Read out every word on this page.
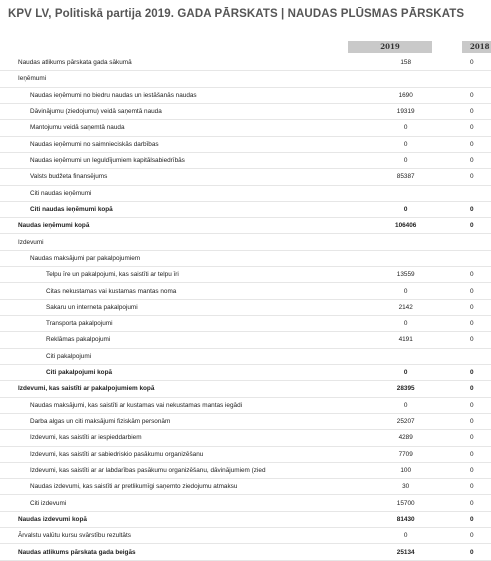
KPV LV, Politiskā partija 2019. GADA PĀRSKATS | NAUDAS PLŪSMAS PĀRSKATS
2019	2018
Naudas atlikums pārskata gada sākumā	158		0
Ieņēmumi			
Naudas ieņēmumi no biedru naudas un iestāšanās naudas	1690		0
Dāvinājumu (ziedojumu) veidā saņemtā nauda	19319		0
Mantojumu veidā saņemtā nauda	0		0
Naudas ieņēmumi no saimnieciskās darbības	0		0
Naudas ieņēmumi un leguldījumiem kapitālsabiedrībās	0		0
Valsts budžeta finansējums	85387		0
Citi naudas ieņēmumi			
Citi naudas ieņēmumi kopā	0		0
Naudas ieņēmumi kopā	106406		0
Izdevumi			
Naudas maksājumi par pakalpojumiem			
Telpu īre un pakalpojumi, kas saistīti ar telpu īri	13559		0
Citas nekustamas vai kustamas mantas noma	0		0
Sakaru un interneta pakalpojumi	2142		0
Transporta pakalpojumi	0		0
Reklāmas pakalpojumi	4191		0
Citi pakalpojumi			
Citi pakalpojumi kopā	0		0
Izdevumi, kas saistīti ar pakalpojumiem kopā	28395		0
Naudas maksājumi, kas saistīti ar kustamas vai nekustamas mantas iegādi	0		0
Darba algas un citi maksājumi fiziskām personām	25207		0
Izdevumi, kas saistīti ar iespieddarbiem	4289		0
Izdevumi, kas saistīti ar sabiedriskio pasākumu organizēšanu	7709		0
Izdevumi, kas saistīti ar ar labdarības pasākumu organizēšanu, dāvinājumiem (zied	100		0
Naudas izdevumi, kas saistīti ar pretlikumīgi saņemto ziedojumu atmaksu	30		0
Citi izdevumi	15700		0
Naudas izdevumi kopā	81430		0
Ārvalstu valūtu kursu svārstību rezultāts	0		0
Naudas atlikums pārskata gada beigās	25134		0
